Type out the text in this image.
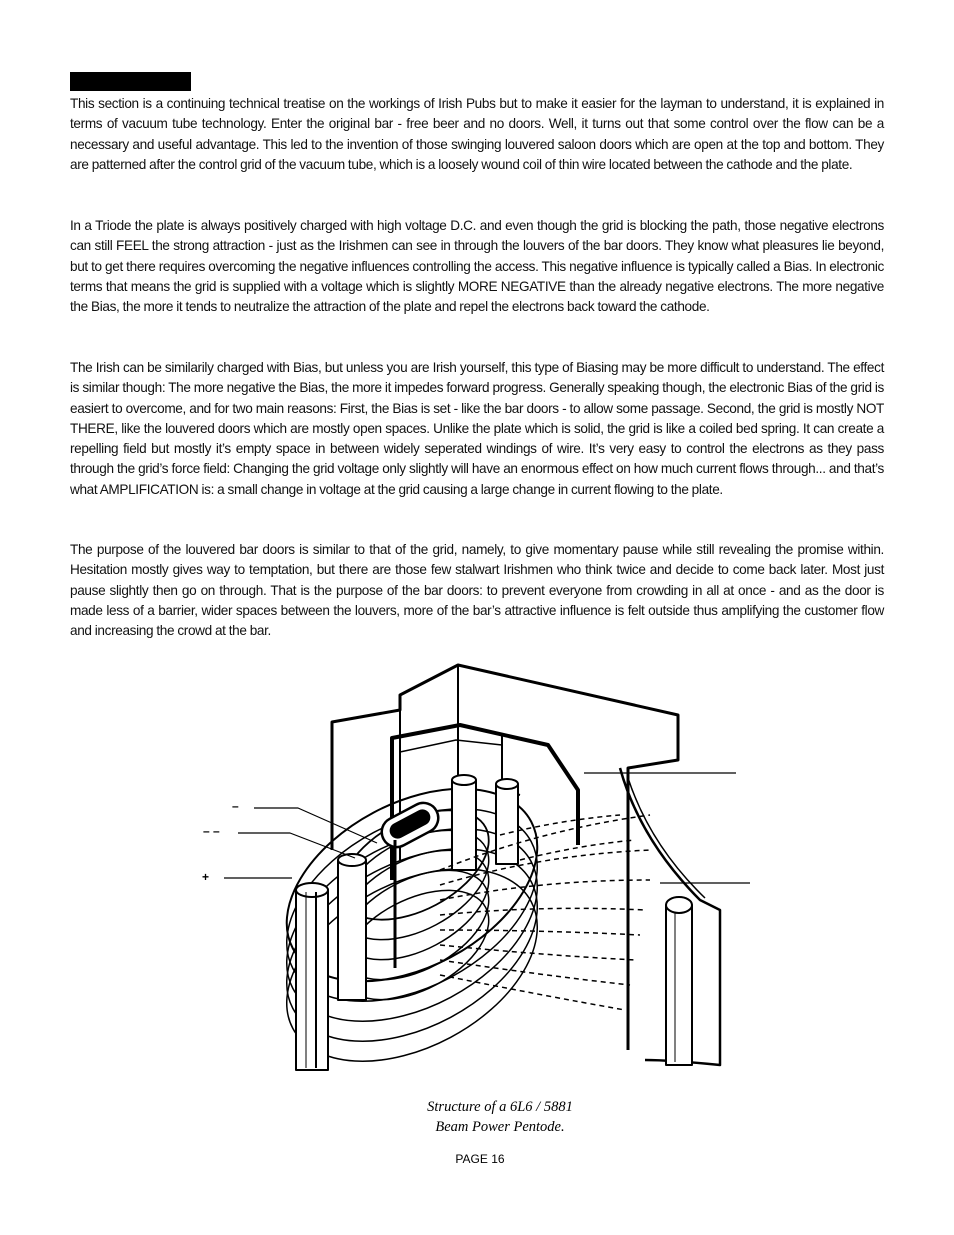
This section is a continuing technical treatise on the workings of Irish Pubs but to make it easier for the layman to understand, it is explained in terms of vacuum tube technology. Enter the original bar - free beer and no doors. Well, it turns out that some control over the flow can be a necessary and useful advantage. This led to the invention of those swinging louvered saloon doors which are open at the top and bottom. They are patterned after the control grid of the vacuum tube, which is a loosely wound coil of thin wire located between the cathode and the plate.
In a Triode the plate is always positively charged with high voltage D.C. and even though the grid is blocking the path, those negative electrons can still FEEL the strong attraction - just as the Irishmen can see in through the louvers of the bar doors. They know what pleasures lie beyond, but to get there requires overcoming the negative influences controlling the access. This negative influence is typically called a Bias. In electronic terms that means the grid is supplied with a voltage which is slightly MORE NEGATIVE than the already negative electrons. The more negative the Bias, the more it tends to neutralize the attraction of the plate and repel the electrons back toward the cathode.
The Irish can be similarily charged with Bias, but unless you are Irish yourself, this type of Biasing may be more difficult to understand. The effect is similar though: The more negative the Bias, the more it impedes forward progress. Generally speaking though, the electronic Bias of the grid is easiert to overcome, and for two main reasons: First, the Bias is set - like the bar doors - to allow some passage. Second, the grid is mostly NOT THERE, like the louvered doors which are mostly open spaces. Unlike the plate which is solid, the grid is like a coiled bed spring. It can create a repelling field but mostly it’s empty space in between widely seperated windings of wire. It’s very easy to control the electrons as they pass through the grid’s force field: Changing the grid voltage only slightly will have an enormous effect on how much current flows through... and that’s what AMPLIFICATION is: a small change in voltage at the grid causing a large change in current flowing to the plate.
The purpose of the louvered bar doors is similar to that of the grid, namely, to give momentary pause while still revealing the promise within. Hesitation mostly gives way to temptation, but there are those few stalwart Irishmen who think twice and decide to come back later. Most just pause slightly then go on through. That is the purpose of the bar doors: to prevent everyone from crowding in all at once - and as the door is made less of a barrier, wider spaces between the louvers, more of the bar’s attractive influence is felt outside thus amplifying the customer flow and increasing the crowd at the bar.
–
– –
+
Structure of a 6L6 / 5881
Beam Power Pentode.
PAGE 16
